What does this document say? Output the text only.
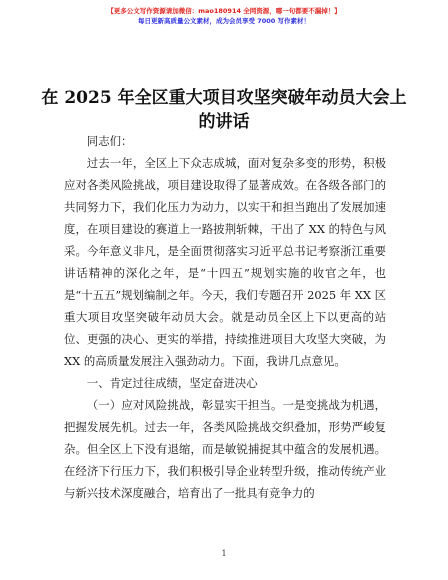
【更多公文写作资源请加微信：mao180914 全网资源，哪一句都要不漏掉！】
每日更新高质量公文素材，成为会员享受 7000 写作素材！
在 2025 年全区重大项目攻坚突破年动员大会上的讲话

同志们：

过去一年，全区上下众志成城，面对复杂多变的形势，积极应对各类风险挑战，项目建设取得了显著成效。在各级各部门的共同努力下，我们化压力为动力，以实干和担当跑出了发展加速度，在项目建设的赛道上一路披荆斩棘，干出了 XX 的特色与风采。今年意义非凡，是全面贯彻落实习近平总书记考察浙江重要讲话精神的深化之年，是“十四五”规划实施的收官之年，也是“十五五”规划编制之年。今天，我们专题召开 2025 年 XX 区重大项目攻坚突破年动员大会。就是动员全区上下以更高的站位、更强的决心、更实的举措，持续推进项目大攻坚大突破，为 XX 的高质量发展注入强劲动力。下面，我讲几点意见。

一、肯定过往成绩，坚定奋进决心

（一）应对风险挑战，彰显实干担当。一是变挑战为机遇，把握发展先机。过去一年，各类风险挑战交织叠加，形势严峻复杂。但全区上下没有退缩，而是敏锐捕捉其中蕴含的发展机遇。在经济下行压力下，我们积极引导企业转型升级，推动传统产业与新兴技术深度融合，培育出了一批具有竞争力的

1
